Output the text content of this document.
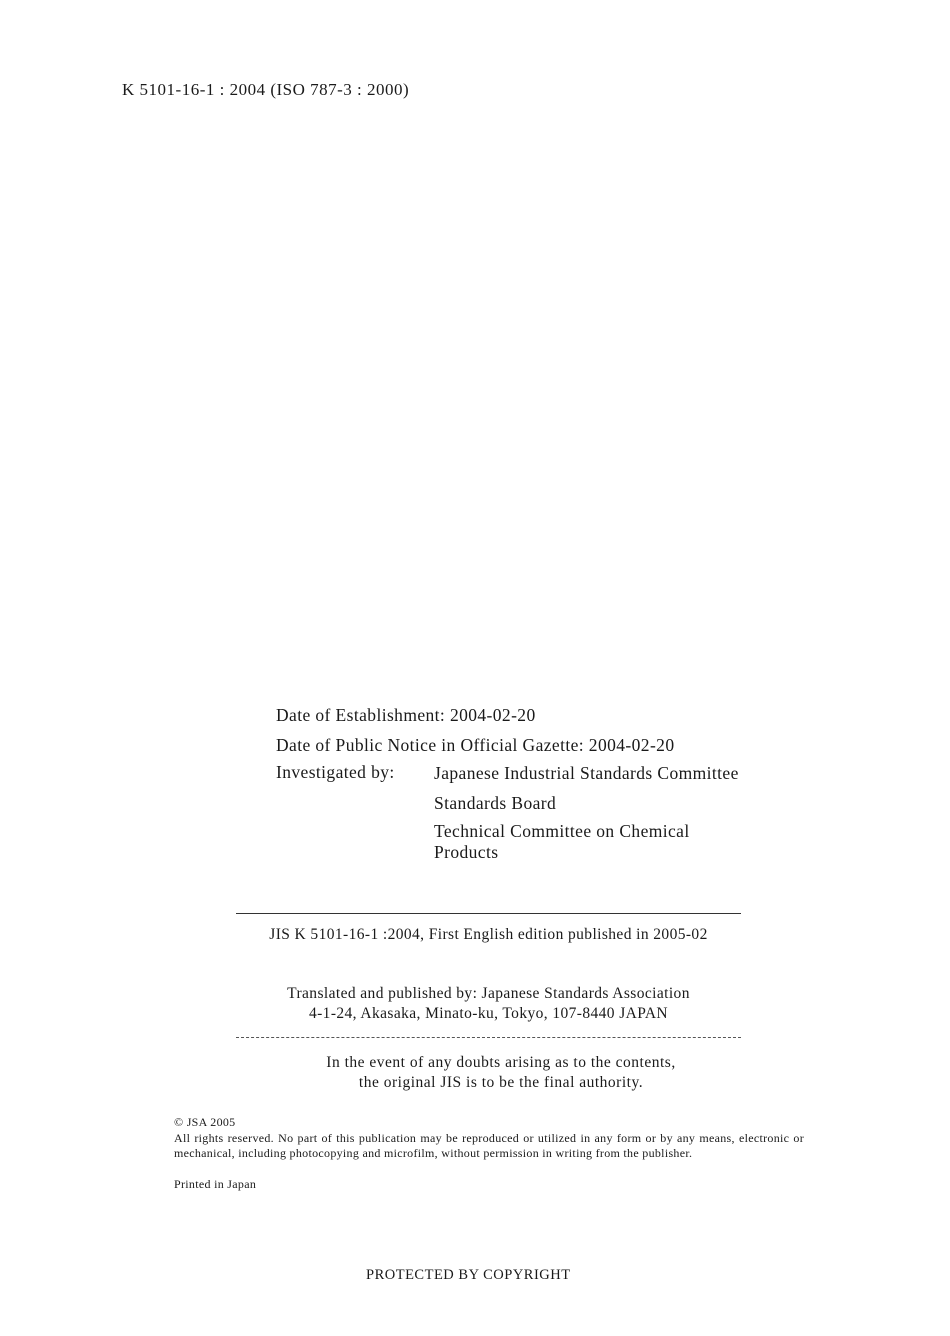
K 5101-16-1 : 2004 (ISO 787-3 : 2000)
Date of Establishment: 2004-02-20
Date of Public Notice in Official Gazette: 2004-02-20
Investigated by:	Japanese Industrial Standards Committee
Standards Board
Technical Committee on Chemical Products
JIS K 5101-16-1 :2004, First English edition published in 2005-02
Translated and published by: Japanese Standards Association
4-1-24, Akasaka, Minato-ku, Tokyo, 107-8440 JAPAN
In the event of any doubts arising as to the contents,
the original JIS is to be the final authority.
© JSA 2005
All rights reserved. No part of this publication may be reproduced or utilized in any form or by any means, electronic or mechanical, including photocopying and microfilm, without permission in writing from the publisher.
Printed in Japan
PROTECTED BY COPYRIGHT
